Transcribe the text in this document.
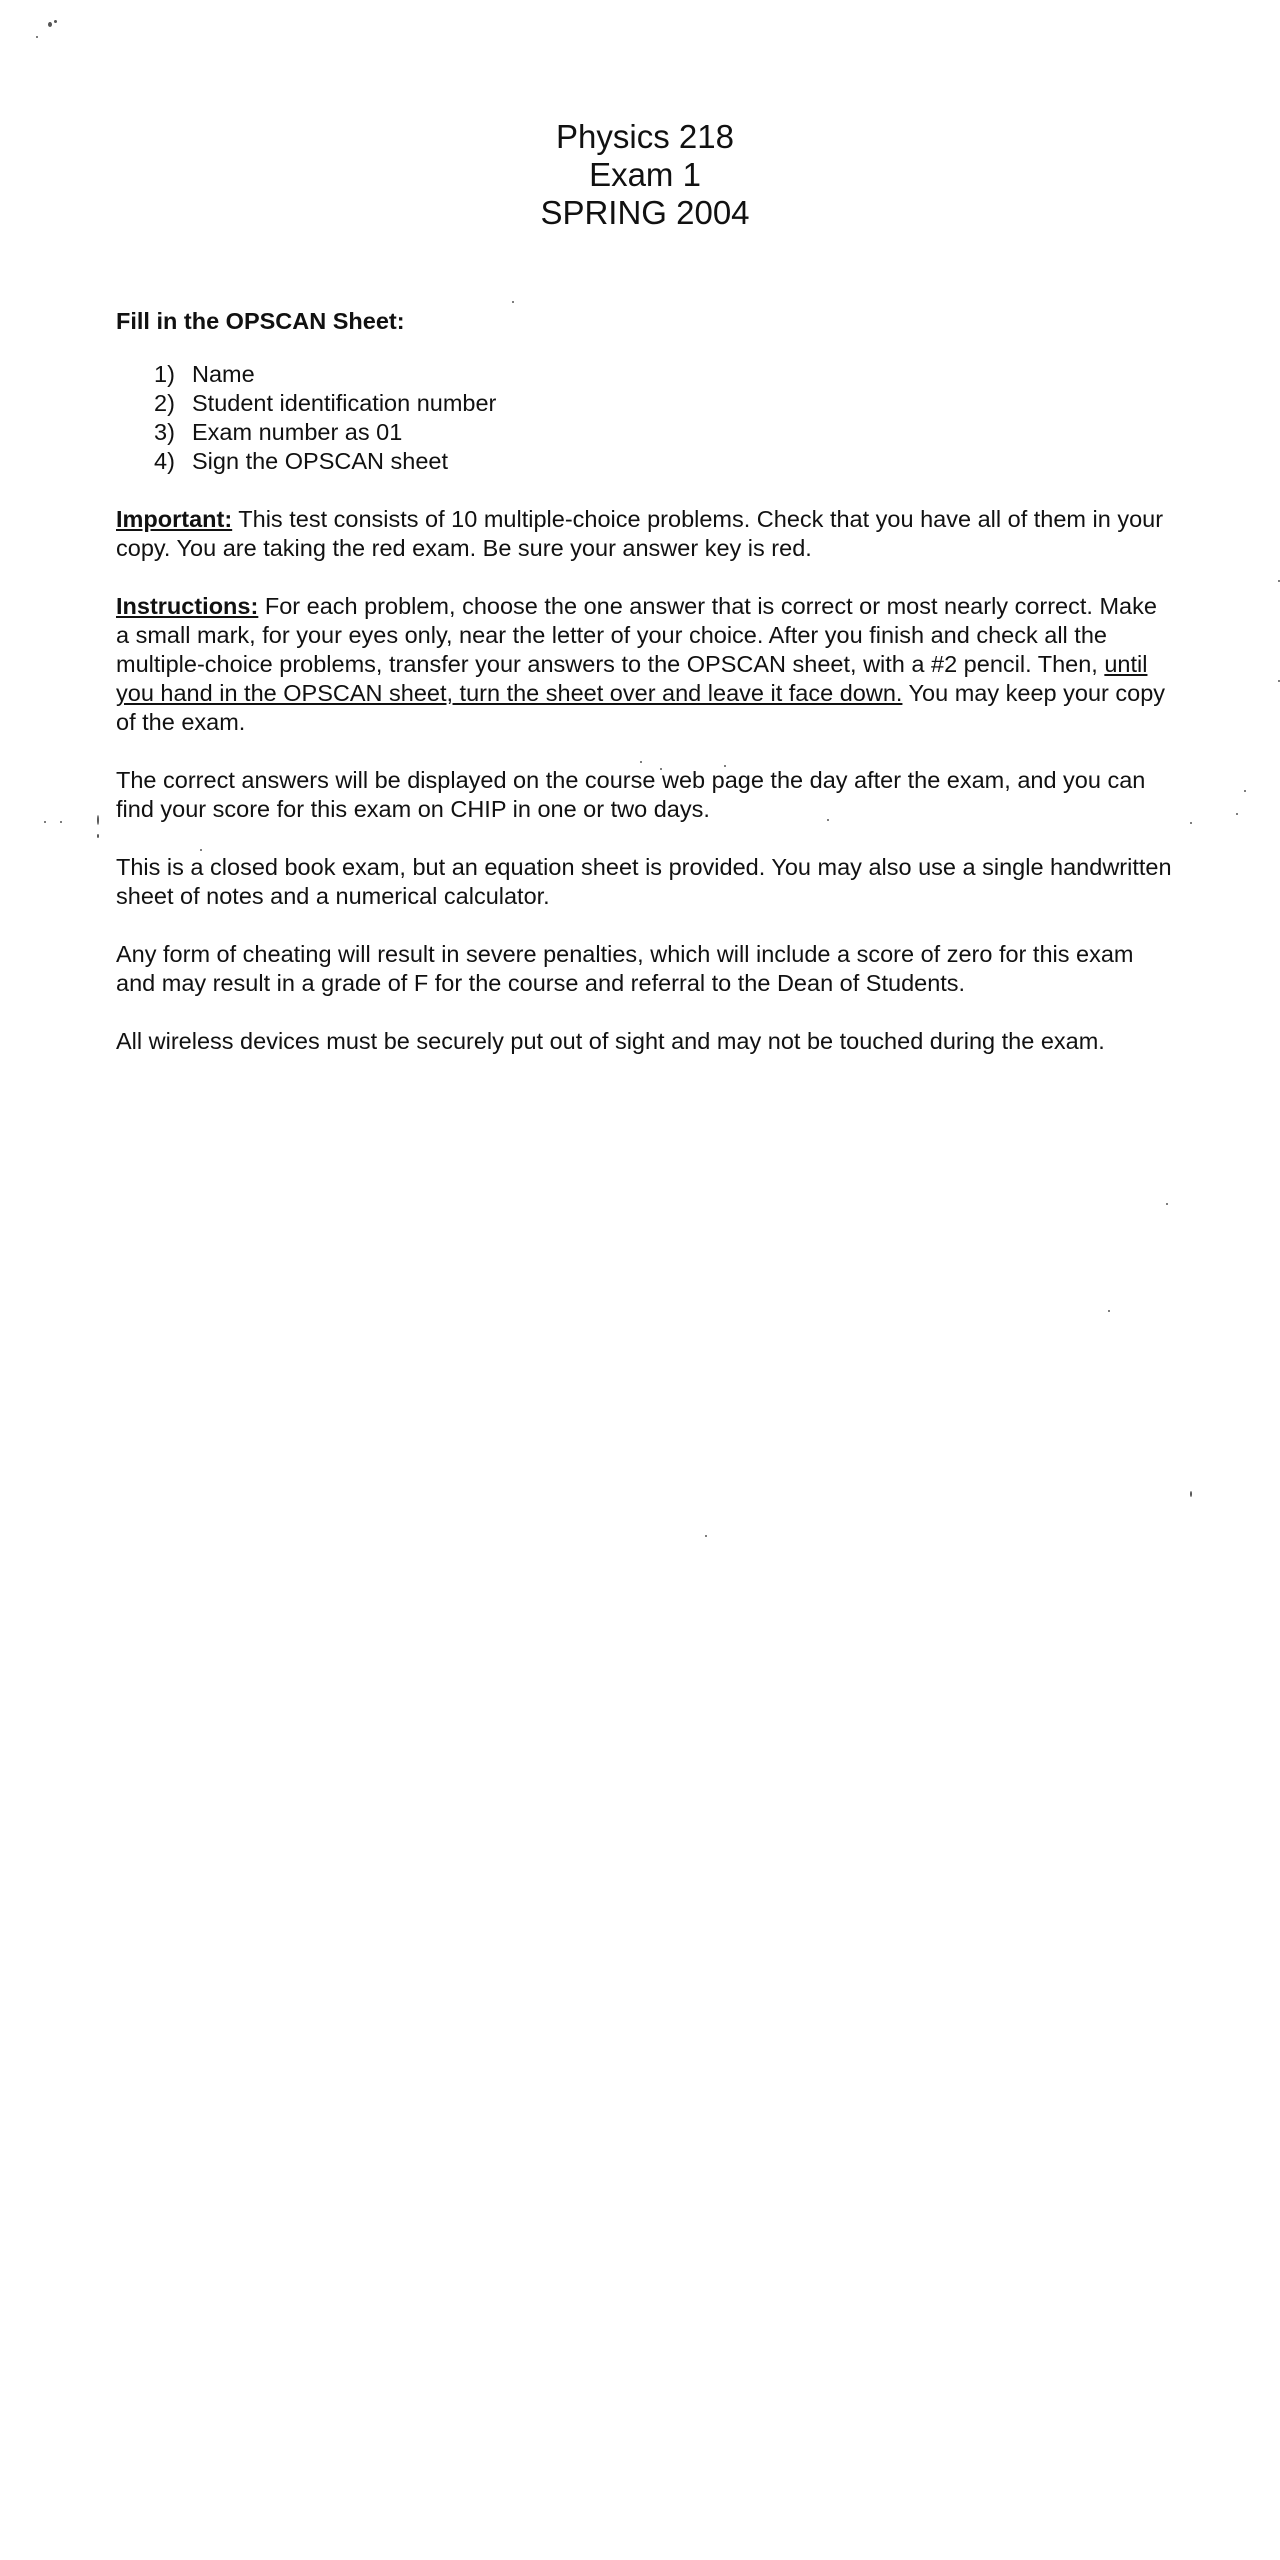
Physics 218
Exam 1
SPRING 2004

Fill in the OPSCAN Sheet:

1) Name
2) Student identification number
3) Exam number as 01
4) Sign the OPSCAN sheet

Important: This test consists of 10 multiple-choice problems. Check that you have all of them in your copy. You are taking the red exam. Be sure your answer key is red.

Instructions: For each problem, choose the one answer that is correct or most nearly correct. Make a small mark, for your eyes only, near the letter of your choice. After you finish and check all the multiple-choice problems, transfer your answers to the OPSCAN sheet, with a #2 pencil. Then, until you hand in the OPSCAN sheet, turn the sheet over and leave it face down. You may keep your copy of the exam.

The correct answers will be displayed on the course web page the day after the exam, and you can find your score for this exam on CHIP in one or two days.

This is a closed book exam, but an equation sheet is provided. You may also use a single handwritten sheet of notes and a numerical calculator.

Any form of cheating will result in severe penalties, which will include a score of zero for this exam and may result in a grade of F for the course and referral to the Dean of Students.

All wireless devices must be securely put out of sight and may not be touched during the exam.
